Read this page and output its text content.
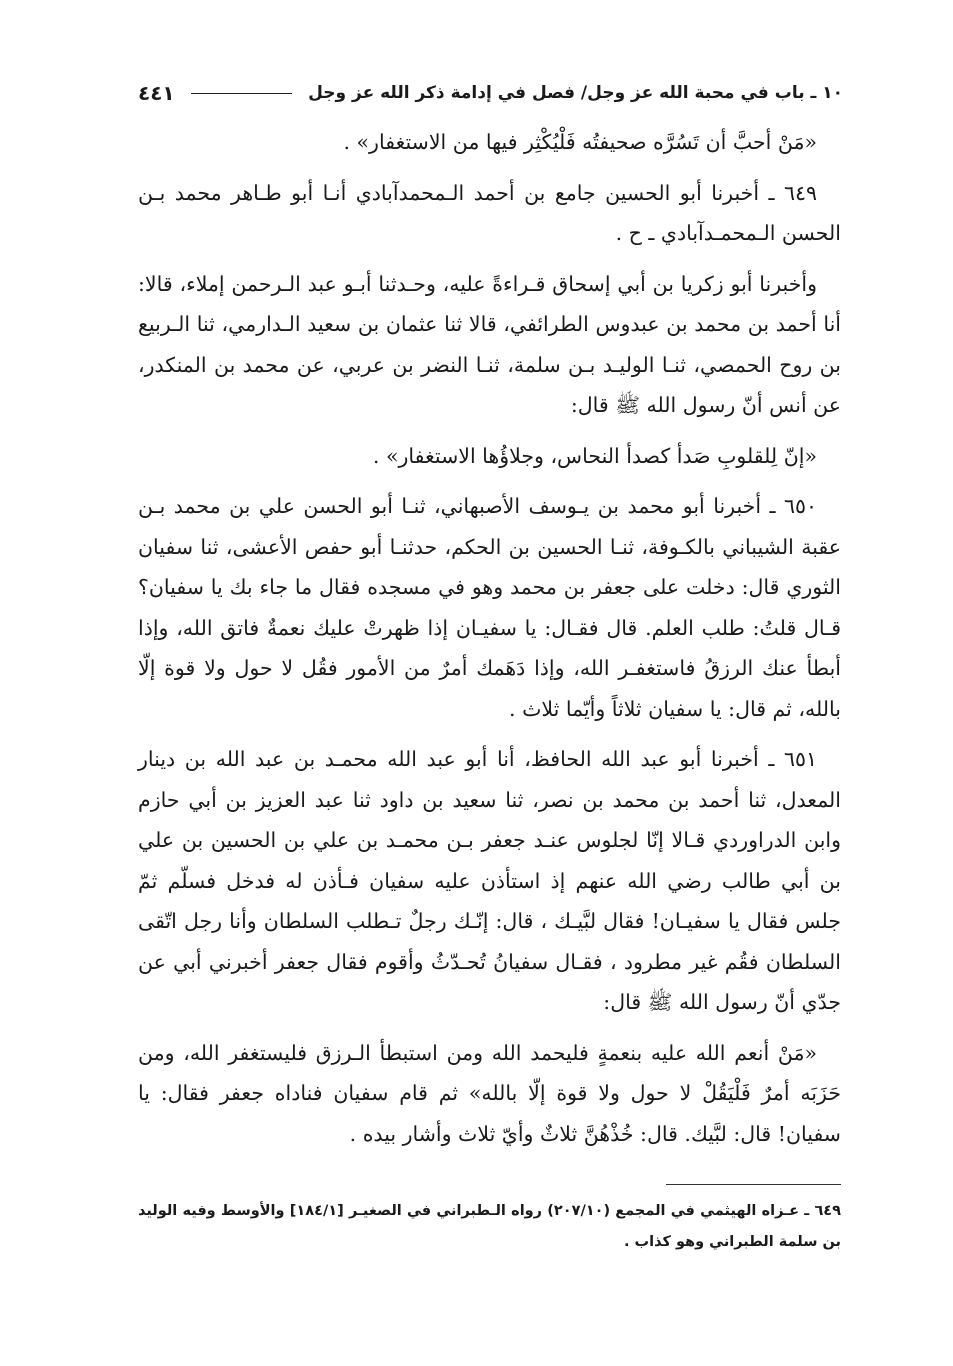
١٠ ـ باب في محبة الله عز وجل/ فصل في إدامة ذكر الله عز وجل
٤٤١

«مَنْ أحبَّ أن تَسُرَّه صحيفتُه فَلْيُكْثِر فيها من الاستغفار» .

٦٤٩ ـ أخبرنا أبو الحسين جامع بن أحمد الـمحمدآبادي أنـا أبو طـاهر محمد بـن الحسن الـمحمـدآبادي ـ ح .

وأخبرنا أبو زكريا بن أبي إسحاق قـراءةً عليه، وحـدثنا أبـو عبد الـرحمن إملاء، قالا: أنا أحمد بن محمد بن عبدوس الطرائفي، قالا ثنا عثمان بن سعيد الـدارمي، ثنا الـربيع بن روح الحمصي، ثنـا الوليـد بـن سلمة، ثنـا النضر بن عربي، عن محمد بن المنكدر، عن أنس أنّ رسول الله ﷺ قال:

«إنّ لِلقلوبِ صَدأ كصدأ النحاس، وجلاؤُها الاستغفار» .

٦٥٠ ـ أخبرنا أبو محمد بن يـوسف الأصبهاني، ثنـا أبو الحسن علي بن محمد بـن عقبة الشيباني بالكـوفة، ثنـا الحسين بن الحكم، حدثنـا أبو حفص الأعشى، ثنا سفيان الثوري قال: دخلت على جعفر بن محمد وهو في مسجده فقال ما جاء بك يا سفيان؟ قـال قلتُ: طلب العلم. قال فقـال: يا سفيـان إذا ظهرتْ عليك نعمةٌ فاتق الله، وإذا أبطأ عنك الرزقُ فاستغفـر الله، وإذا دَهَمك أمرٌ من الأمور فقُل لا حول ولا قوة إلّا بالله، ثم قال: يا سفيان ثلاثاً وأيّما ثلاث .

٦٥١ ـ أخبرنا أبو عبد الله الحافظ، أنا أبو عبد الله محمـد بن عبد الله بن دينار المعدل، ثنا أحمد بن محمد بن نصر، ثنا سعيد بن داود ثنا عبد العزيز بن أبي حازم وابن الدراوردي قـالا إنّا لجلوس عنـد جعفر بـن محمـد بن علي بن الحسين بن علي بن أبي طالب رضي الله عنهم إذ استأذن عليه سفيان فـأذن له فدخل فسلّم ثمّ جلس فقال يا سفيـان! فقال لبَّيـك ، قال: إنّـك رجلٌ تـطلب السلطان وأنا رجل اتّقى السلطان فقُم غير مطرود ، فقـال سفيانُ تُحـدّثُ وأقوم فقال جعفر أخبرني أبي عن جدّي أنّ رسول الله ﷺ قال:

«مَنْ أنعم الله عليه بنعمةٍ فليحمد الله ومن استبطأ الـرزق فليستغفر الله، ومن حَزَبَه أمرٌ فَلْيَقُلْ لا حول ولا قوة إلّا بالله» ثم قام سفيان فناداه جعفر فقال: يا سفيان! قال: لبَّيك. قال: خُذْهُنَّ ثلاثٌ وأيّ ثلاث وأشار بيده .

٦٤٩ ـ عـزاه الهيثمي في المجمع (٢٠٧/١٠) رواه الـطبراني في الصغيـر [١٨٤/١] والأوسط وفيه الوليد بن سلمة الطبراني وهو كذاب .
